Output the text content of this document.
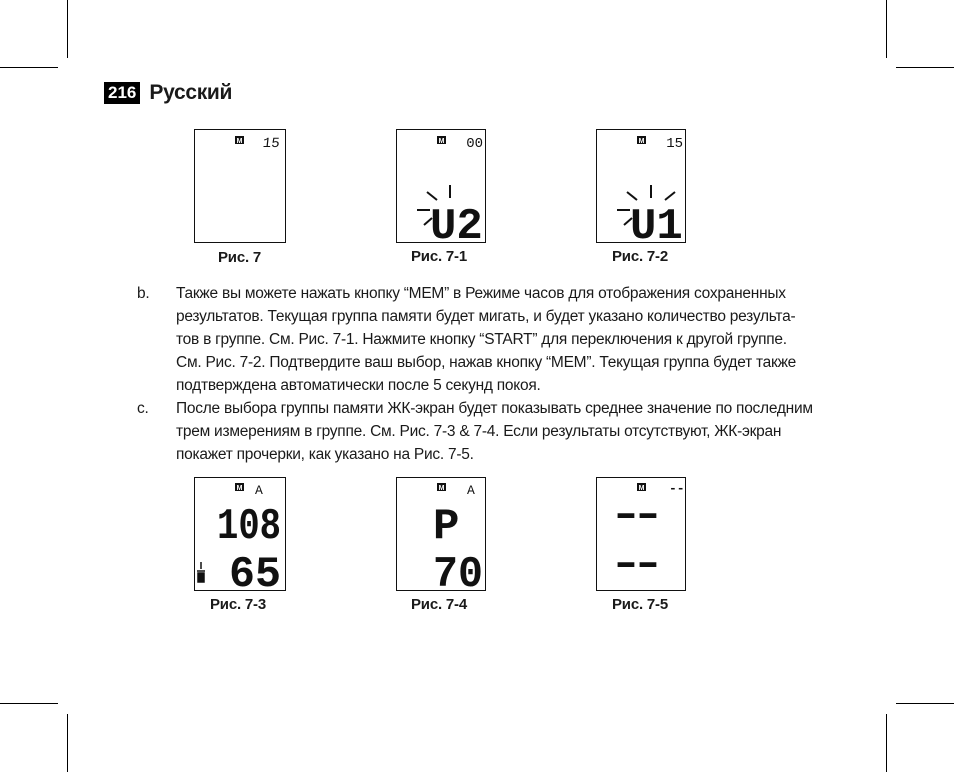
216 Русский
M 15
Рис. 7
M 00
U2
Рис. 7-1
M 15
U1
Рис. 7-2
b. Также вы можете нажать кнопку “MEM” в Режиме часов для отображения сохраненных
результатов. Текущая группа памяти будет мигать, и будет указано количество результа-
тов в группе. См. Рис. 7-1. Нажмите кнопку “START” для переключения к другой группе.
См. Рис. 7-2. Подтвердите ваш выбор, нажав кнопку “MEM”. Текущая группа будет также
подтверждена автоматически после 5 секунд покоя.
c. После выбора группы памяти ЖК-экран будет показывать среднее значение по последним
трем измерениям в группе. См. Рис. 7-3 & 7-4. Если результаты отсутствуют, ЖК-экран
покажет прочерки, как указано на Рис. 7-5.
M A
108
65
Рис. 7-3
M A
P
70
Рис. 7-4
M --
--
--
Рис. 7-5
